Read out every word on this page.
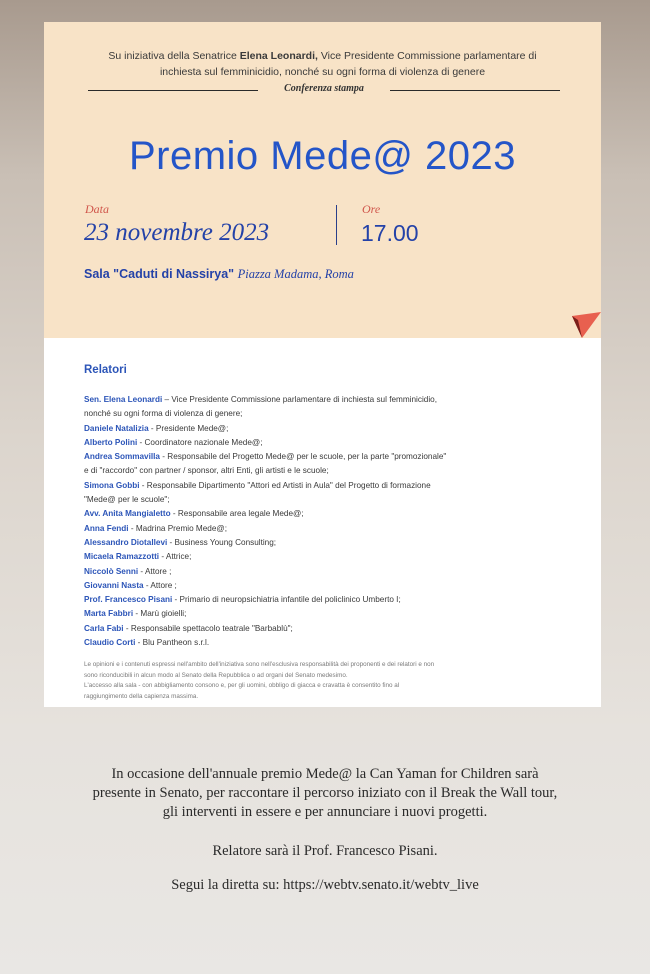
Su iniziativa della Senatrice Elena Leonardi, Vice Presidente Commissione parlamentare di
inchiesta sul femminicidio, nonché su ogni forma di violenza di genere
Conferenza stampa
Premio Mede@ 2023
Data
23 novembre 2023
Ore
17.00
Sala "Caduti di Nassirya" Piazza Madama, Roma
Relatori
Sen. Elena Leonardi – Vice Presidente Commissione parlamentare di inchiesta sul femminicidio,
nonché su ogni forma di violenza di genere;
Daniele Natalizia - Presidente Mede@;
Alberto Polini - Coordinatore nazionale Mede@;
Andrea Sommavilla - Responsabile del Progetto Mede@ per le scuole, per la parte "promozionale"
e di "raccordo" con partner / sponsor, altri Enti, gli artisti e le scuole;
Simona Gobbi - Responsabile Dipartimento "Attori ed Artisti in Aula" del Progetto di formazione
"Mede@ per le scuole";
Avv. Anita Mangialetto - Responsabile area legale Mede@;
Anna Fendi - Madrina Premio Mede@;
Alessandro Diotallevi - Business Young Consulting;
Micaela Ramazzotti - Attrice;
Niccolò Senni - Attore ;
Giovanni Nasta - Attore ;
Prof. Francesco Pisani - Primario di neuropsichiatria infantile del policlinico Umberto I;
Marta Fabbri - Marù gioielli;
Carla Fabi - Responsabile spettacolo teatrale "Barbablù";
Claudio Corti - Blu Pantheon s.r.l.
Le opinioni e i contenuti espressi nell'ambito dell'iniziativa sono nell'esclusiva responsabilità dei proponenti e dei relatori e non
sono riconducibili in alcun modo al Senato della Repubblica o ad organi del Senato medesimo.
L'accesso alla sala - con abbigliamento consono e, per gli uomini, obbligo di giacca e cravatta è consentito fino al
raggiungimento della capienza massima.
In occasione dell'annuale premio Mede@ la Can Yaman for Children sarà
presente in Senato, per raccontare il percorso iniziato con il Break the Wall tour,
gli interventi in essere e per annunciare i nuovi progetti.
Relatore sarà il Prof. Francesco Pisani.
Segui la diretta su: https://webtv.senato.it/webtv_live
